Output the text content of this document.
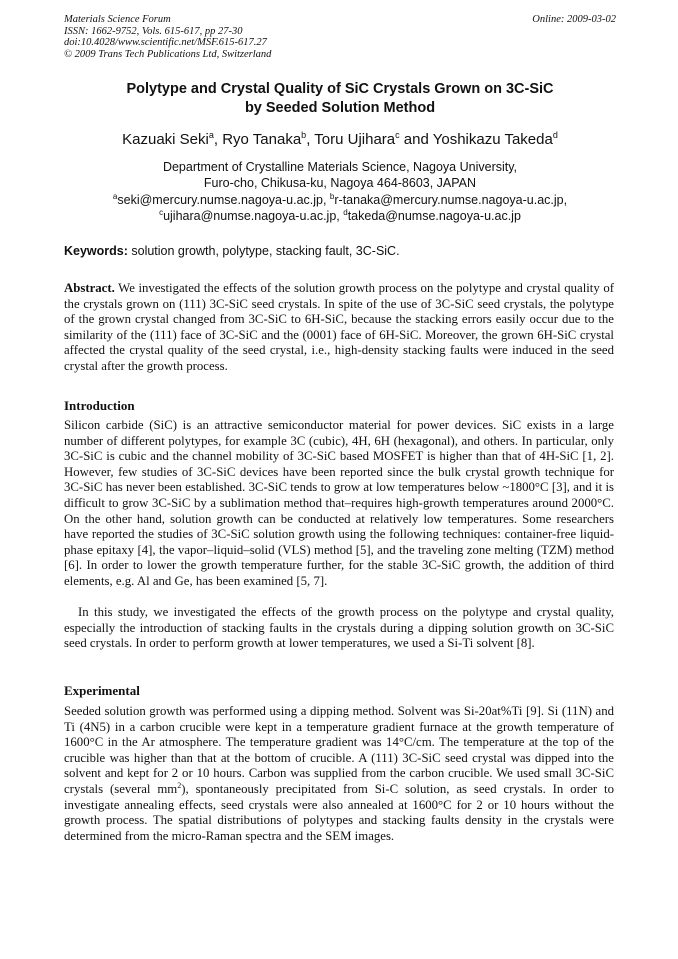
Materials Science Forum
ISSN: 1662-9752, Vols. 615-617, pp 27-30
doi:10.4028/www.scientific.net/MSF.615-617.27
© 2009 Trans Tech Publications Ltd, Switzerland
Online: 2009-03-02
Polytype and Crystal Quality of SiC Crystals Grown on 3C-SiC
by Seeded Solution Method
Kazuaki Seki$^a$, Ryo Tanaka$^b$, Toru Ujihara$^c$ and Yoshikazu Takeda$^d$
Department of Crystalline Materials Science, Nagoya University,
Furo-cho, Chikusa-ku, Nagoya 464-8603, JAPAN
$^a$seki@mercury.numse.nagoya-u.ac.jp, $^b$r-tanaka@mercury.numse.nagoya-u.ac.jp,
$^c$ujihara@numse.nagoya-u.ac.jp, $^d$takeda@numse.nagoya-u.ac.jp
Keywords: solution growth, polytype, stacking fault, 3C-SiC.
Abstract. We investigated the effects of the solution growth process on the polytype and crystal quality of the crystals grown on (111) 3C-SiC seed crystals. In spite of the use of 3C-SiC seed crystals, the polytype of the grown crystal changed from 3C-SiC to 6H-SiC, because the stacking errors easily occur due to the similarity of the (111) face of 3C-SiC and the (0001) face of 6H-SiC. Moreover, the grown 6H-SiC crystal affected the crystal quality of the seed crystal, i.e., high-density stacking faults were induced in the seed crystal after the growth process.
Introduction
Silicon carbide (SiC) is an attractive semiconductor material for power devices. SiC exists in a large number of different polytypes, for example 3C (cubic), 4H, 6H (hexagonal), and others. In particular, only 3C-SiC is cubic and the channel mobility of 3C-SiC based MOSFET is higher than that of 4H-SiC [1, 2]. However, few studies of 3C-SiC devices have been reported since the bulk crystal growth technique for 3C-SiC has never been established. 3C-SiC tends to grow at low temperatures below ~1800°C [3], and it is difficult to grow 3C-SiC by a sublimation method that–requires high-growth temperatures around 2000°C. On the other hand, solution growth can be conducted at relatively low temperatures. Some researchers have reported the studies of 3C-SiC solution growth using the following techniques: container-free liquid-phase epitaxy [4], the vapor–liquid–solid (VLS) method [5], and the traveling zone melting (TZM) method [6]. In order to lower the growth temperature further, for the stable 3C-SiC growth, the addition of third elements, e.g. Al and Ge, has been examined [5, 7].
In this study, we investigated the effects of the growth process on the polytype and crystal quality, especially the introduction of stacking faults in the crystals during a dipping solution growth on 3C-SiC seed crystals. In order to perform growth at lower temperatures, we used a Si-Ti solvent [8].
Experimental
Seeded solution growth was performed using a dipping method. Solvent was Si-20at%Ti [9]. Si (11N) and Ti (4N5) in a carbon crucible were kept in a temperature gradient furnace at the growth temperature of 1600°C in the Ar atmosphere. The temperature gradient was 14°C/cm. The temperature at the top of the crucible was higher than that at the bottom of crucible. A (111) 3C-SiC seed crystal was dipped into the solvent and kept for 2 or 10 hours. Carbon was supplied from the carbon crucible. We used small 3C-SiC crystals (several $mm^2$), spontaneously precipitated from Si-C solution, as seed crystals. In order to investigate annealing effects, seed crystals were also annealed at 1600°C for 2 or 10 hours without the growth process. The spatial distributions of polytypes and stacking faults density in the crystals were determined from the micro-Raman spectra and the SEM images.
